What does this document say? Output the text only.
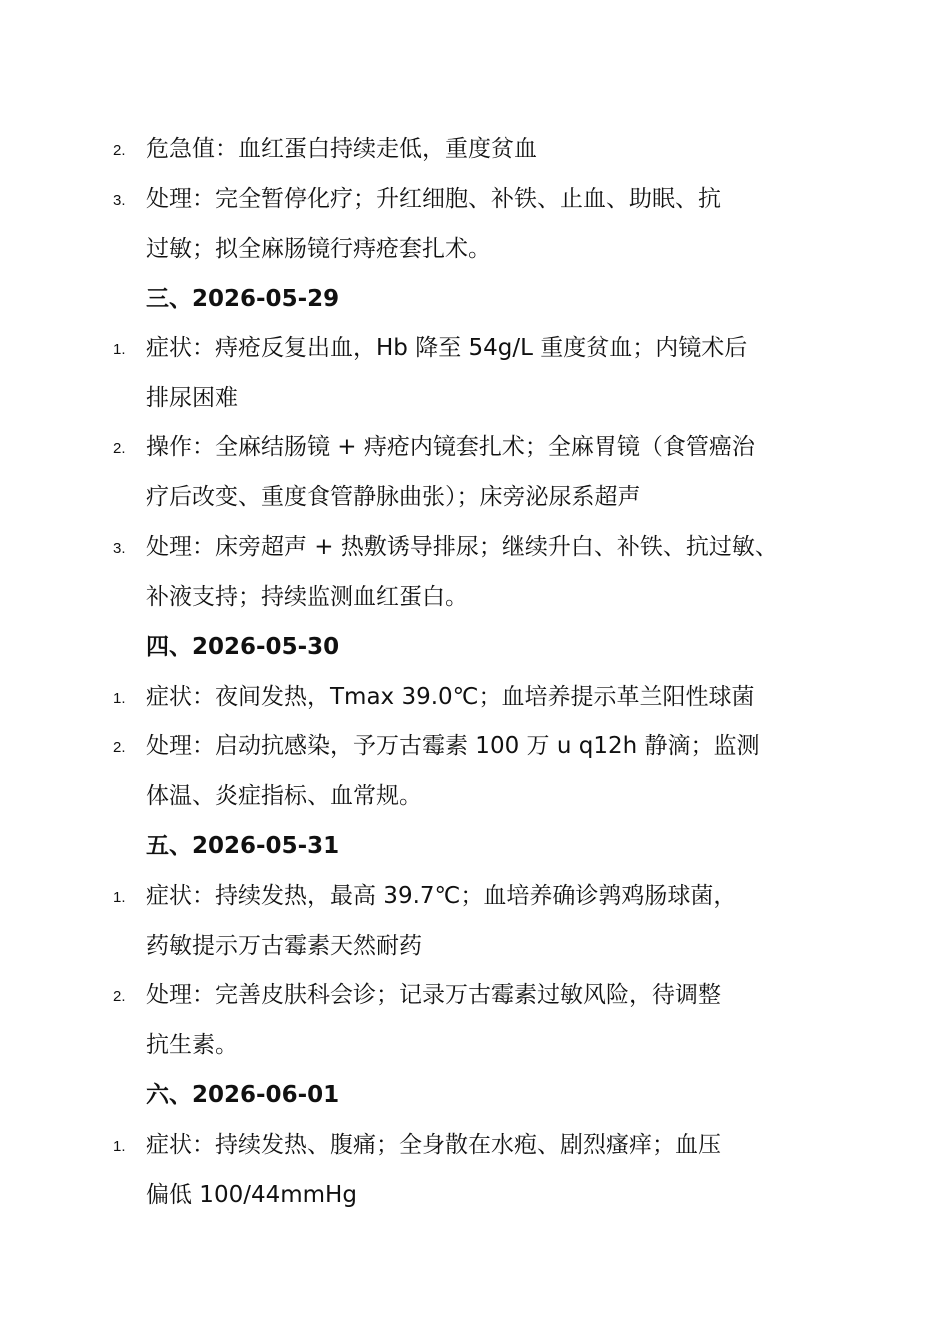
2. 危急值：血红蛋白持续走低，重度贫血
3. 处理：完全暂停化疗；升红细胞、补铁、止血、助眠、抗
过敏；拟全麻肠镜行痔疮套扎术。
三、2026-05-29
1. 症状：痔疮反复出血，Hb 降至 54g/L 重度贫血；内镜术后
排尿困难
2. 操作：全麻结肠镜 + 痔疮内镜套扎术；全麻胃镜（食管癌治
疗后改变、重度食管静脉曲张）；床旁泌尿系超声
3. 处理：床旁超声 + 热敷诱导排尿；继续升白、补铁、抗过敏、
补液支持；持续监测血红蛋白。
四、2026-05-30
1. 症状：夜间发热，Tmax 39.0℃；血培养提示革兰阳性球菌
2. 处理：启动抗感染，予万古霉素 100 万 u q12h 静滴；监测
体温、炎症指标、血常规。
五、2026-05-31
1. 症状：持续发热，最高 39.7℃；血培养确诊鹑鸡肠球菌，
药敏提示万古霉素天然耐药
2. 处理：完善皮肤科会诊；记录万古霉素过敏风险，待调整
抗生素。
六、2026-06-01
1. 症状：持续发热、腹痛；全身散在水疱、剧烈瘙痒；血压
偏低 100/44mmHg
